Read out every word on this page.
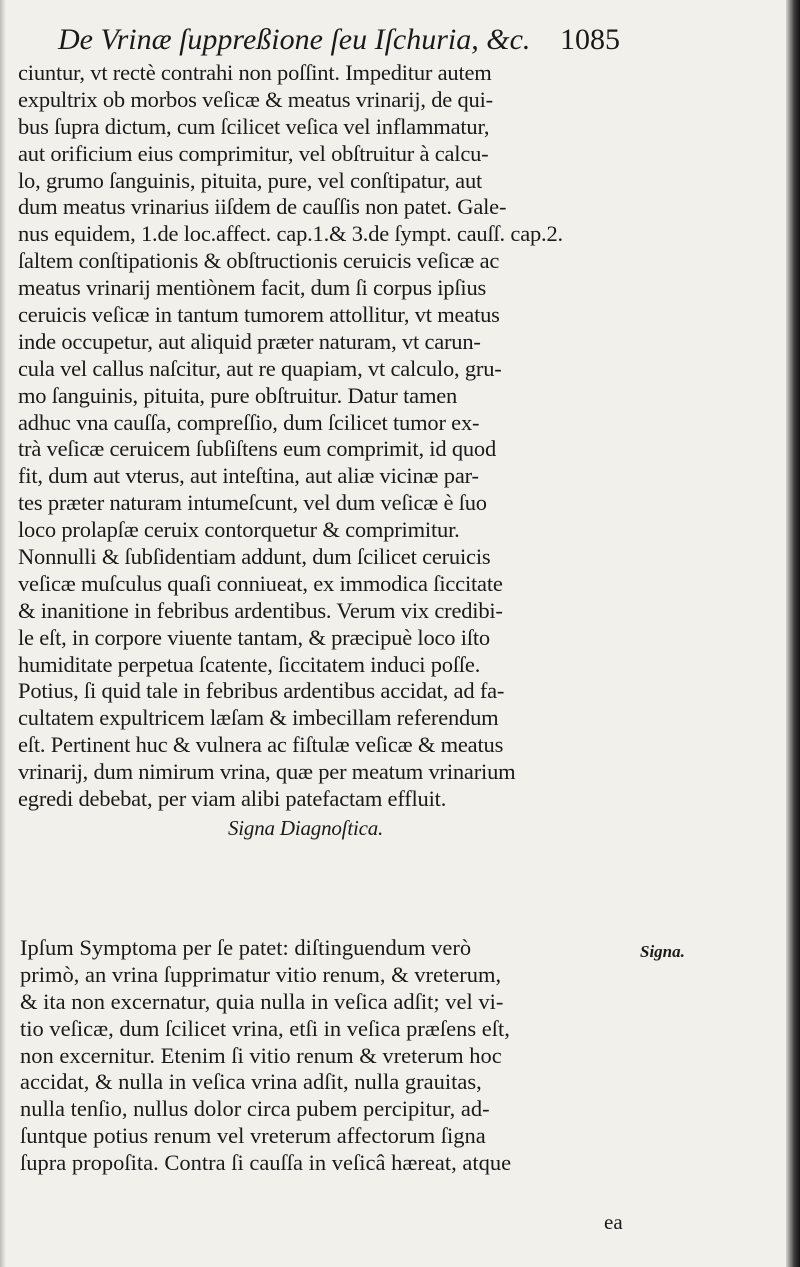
De Vrinæ ſuppreßione ſeu Iſchuria, &c. 1085
ciuntur, vt rectè contrahi non poſſint. Impeditur autem
expultrix ob morbos veſicæ & meatus vrinarij, de qui-
bus ſupra dictum, cum ſcilicet veſica vel inflammatur,
aut orificium eius comprimitur, vel obſtruitur à calcu-
lo, grumo ſanguinis, pituita, pure, vel conſtipatur, aut
dum meatus vrinarius iiſdem de cauſſis non patet. Gale-
nus equidem, 1.de loc.affect. cap.1.& 3.de ſympt. cauſſ. cap.2.
ſaltem conſtipationis & obſtructionis ceruicis veſicæ ac
meatus vrinarij mentiònem facit, dum ſi corpus ipſius
ceruicis veſicæ in tantum tumorem attollitur, vt meatus
inde occupetur, aut aliquid præter naturam, vt carun-
cula vel callus naſcitur, aut re quapiam, vt calculo, gru-
mo ſanguinis, pituita, pure obſtruitur. Datur tamen
adhuc vna cauſſa, compreſſio, dum ſcilicet tumor ex-
trà veſicæ ceruicem ſubſiſtens eum comprimit, id quod
fit, dum aut vterus, aut inteſtina, aut aliæ vicinæ par-
tes præter naturam intumeſcunt, vel dum veſicæ è ſuo
loco prolapſæ ceruix contorquetur & comprimitur.
Nonnulli & ſubſidentiam addunt, dum ſcilicet ceruicis
veſicæ muſculus quaſi conniueat, ex immodica ſiccitate
& inanitione in febribus ardentibus. Verum vix credibi-
le eſt, in corpore viuente tantam, & præcipuè loco iſto
humiditate perpetua ſcatente, ſiccitatem induci poſſe.
Potius, ſi quid tale in febribus ardentibus accidat, ad fa-
cultatem expultricem læſam & imbecillam referendum
eſt. Pertinent huc & vulnera ac fiſtulæ veſicæ & meatus
vrinarij, dum nimirum vrina, quæ per meatum vrinarium
egredi debebat, per viam alibi patefactam effluit.
Signa Diagnoſtica.
Signa.
Ipſum Symptoma per ſe patet: diſtinguendum verò
primò, an vrina ſupprimatur vitio renum, & vreterum,
& ita non excernatur, quia nulla in veſica adſit; vel vi-
tio veſicæ, dum ſcilicet vrina, etſi in veſica præſens eſt,
non excernitur. Etenim ſi vitio renum & vreterum hoc
accidat, & nulla in veſica vrina adſit, nulla grauitas,
nulla tenſio, nullus dolor circa pubem percipitur, ad-
ſuntque potius renum vel vreterum affectorum ſigna
ſupra propoſita. Contra ſi cauſſa in veſicâ hæreat, atque
ea
